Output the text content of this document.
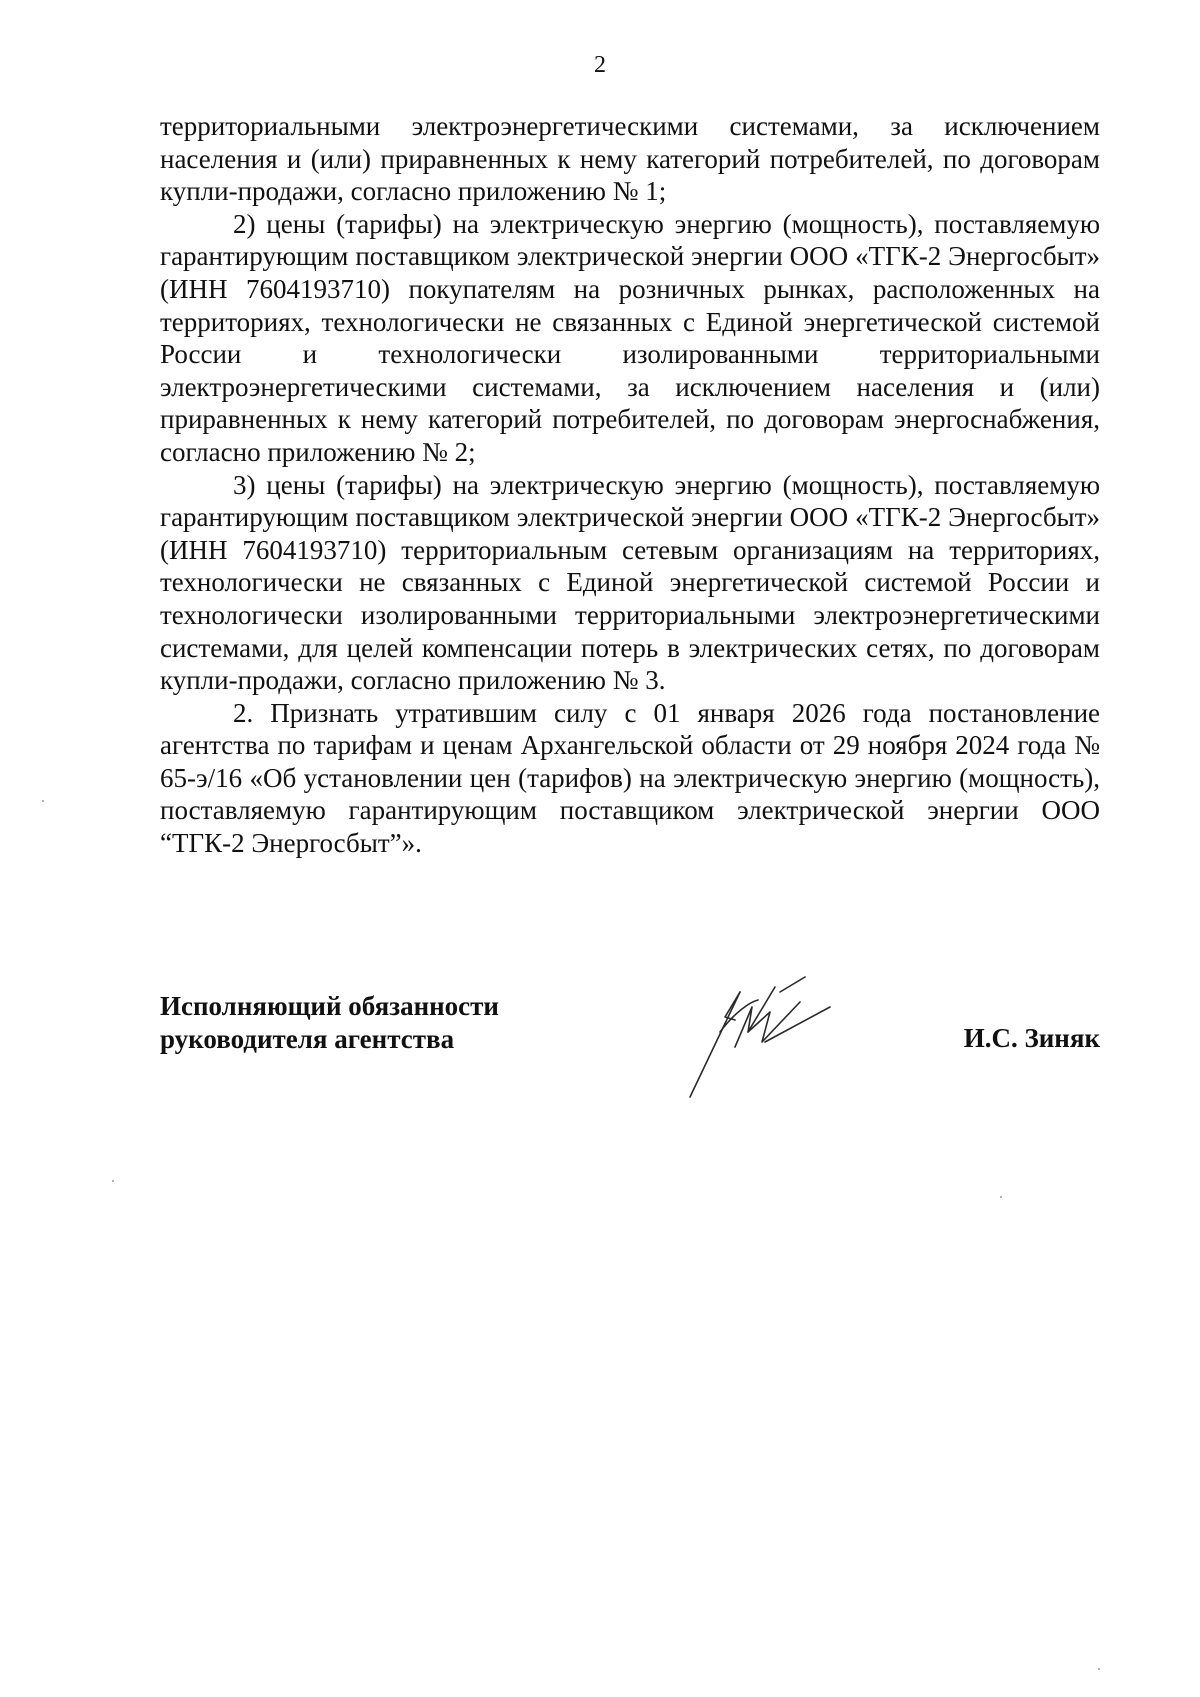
2

территориальными электроэнергетическими системами, за исключением населения и (или) приравненных к нему категорий потребителей, по договорам купли-продажи, согласно приложению № 1;

2) цены (тарифы) на электрическую энергию (мощность), поставляемую гарантирующим поставщиком электрической энергии ООО «ТГК-2 Энергосбыт» (ИНН 7604193710) покупателям на розничных рынках, расположенных на территориях, технологически не связанных с Единой энергетической системой России и технологически изолированными территориальными электроэнергетическими системами, за исключением населения и (или) приравненных к нему категорий потребителей, по договорам энергоснабжения, согласно приложению № 2;

3) цены (тарифы) на электрическую энергию (мощность), поставляемую гарантирующим поставщиком электрической энергии ООО «ТГК-2 Энергосбыт» (ИНН 7604193710) территориальным сетевым организациям на территориях, технологически не связанных с Единой энергетической системой России и технологически изолированными территориальными электроэнергетическими системами, для целей компенсации потерь в электрических сетях, по договорам купли-продажи, согласно приложению № 3.

2. Признать утратившим силу с 01 января 2026 года постановление агентства по тарифам и ценам Архангельской области от 29 ноября 2024 года № 65-э/16 «Об установлении цен (тарифов) на электрическую энергию (мощность), поставляемую гарантирующим поставщиком электрической энергии ООО “ТГК-2 Энергосбыт”».

Исполняющий обязанности
руководителя агентства	И.С. Зиняк
